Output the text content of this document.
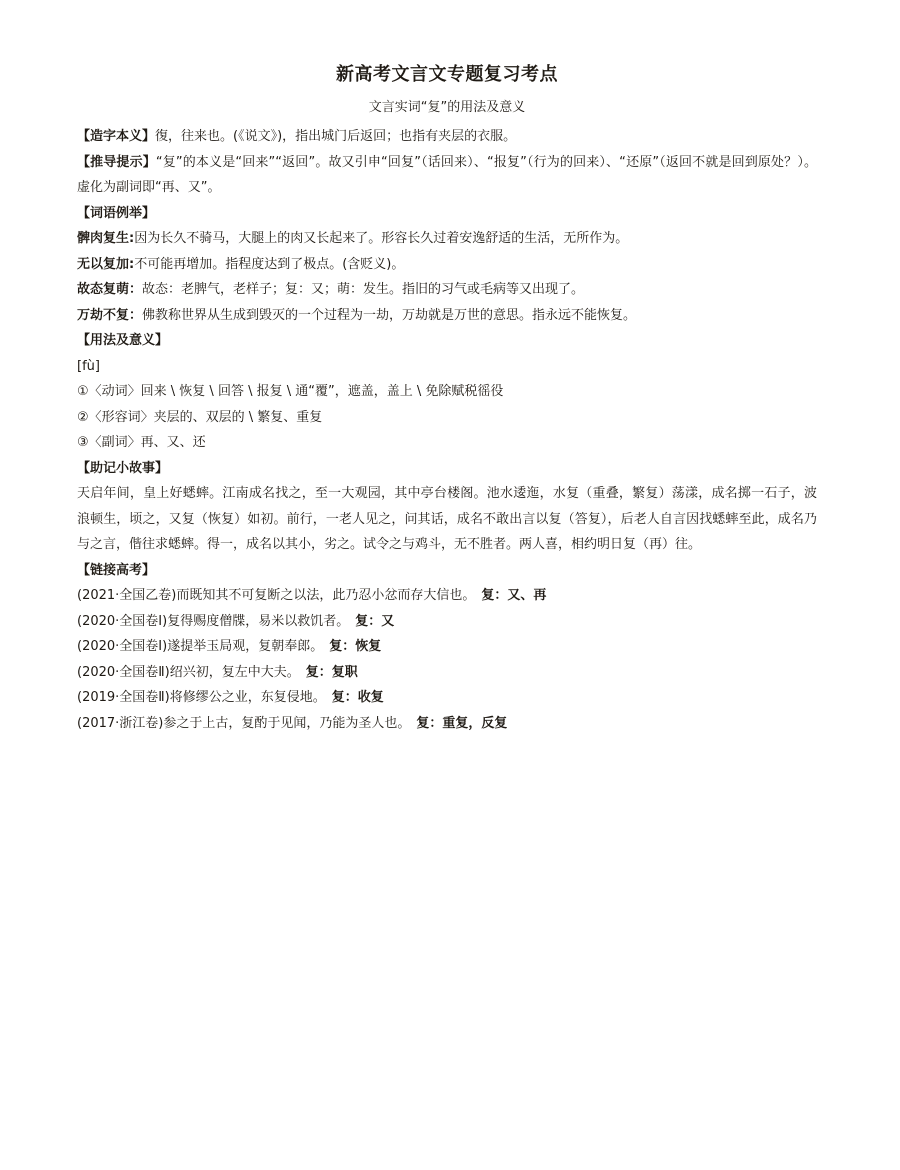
新高考文言文专题复习考点
文言实词“复”的用法及意义
【造字本义】復，往来也。(《说文》)，指出城门后返回；也指有夹层的衣服。
【推导提示】“复”的本义是“回来”“返回”。故又引申“回复”（话回来）、“报复”（行为的回来）、“还原”（返回不就是回到原处？）。虚化为副词即“再、又”。
【词语例举】
髀肉复生:因为长久不骑马，大腿上的肉又长起来了。形容长久过着安逸舒适的生活，无所作为。
无以复加:不可能再增加。指程度达到了极点。(含贬义)。
故态复萌：故态：老脾气，老样子；复：又；萌：发生。指旧的习气或毛病等又出现了。
万劫不复：佛教称世界从生成到毁灭的一个过程为一劫，万劫就是万世的意思。指永远不能恢复。
【用法及意义】
[fù]
①〈动词〉回来 \ 恢复 \ 回答 \ 报复 \ 通“覆”，遮盖，盖上 \ 免除赋税徭役
②〈形容词〉夹层的、双层的 \ 繁复、重复
③〈副词〉再、又、还
【助记小故事】
天启年间，皇上好蟋蟀。江南成名找之，至一大观园，其中亭台楼阁。池水逶迤，水复（重叠，繁复）荡漾，成名掷一石子，波浪顿生，顷之，又复（恢复）如初。前行，一老人见之，问其话，成名不敢出言以复（答复），后老人自言因找蟋蟀至此，成名乃与之言，偕往求蟋蟀。得一，成名以其小，劣之。试令之与鸡斗，无不胜者。两人喜，相约明日复（再）往。
【链接高考】
(2021·全国乙卷)而既知其不可复断之以法，此乃忍小忿而存大信也。 复：又、再
(2020·全国卷Ⅰ)复得赐度僧牒，易米以救饥者。 复：又
(2020·全国卷Ⅰ)遂提举玉局观，复朝奉郎。 复：恢复
(2020·全国卷Ⅱ)绍兴初，复左中大夫。 复：复职
(2019·全国卷Ⅱ)将修缪公之业，东复侵地。 复：收复
(2017·浙江卷)参之于上古，复酌于见闻，乃能为圣人也。 复：重复，反复
